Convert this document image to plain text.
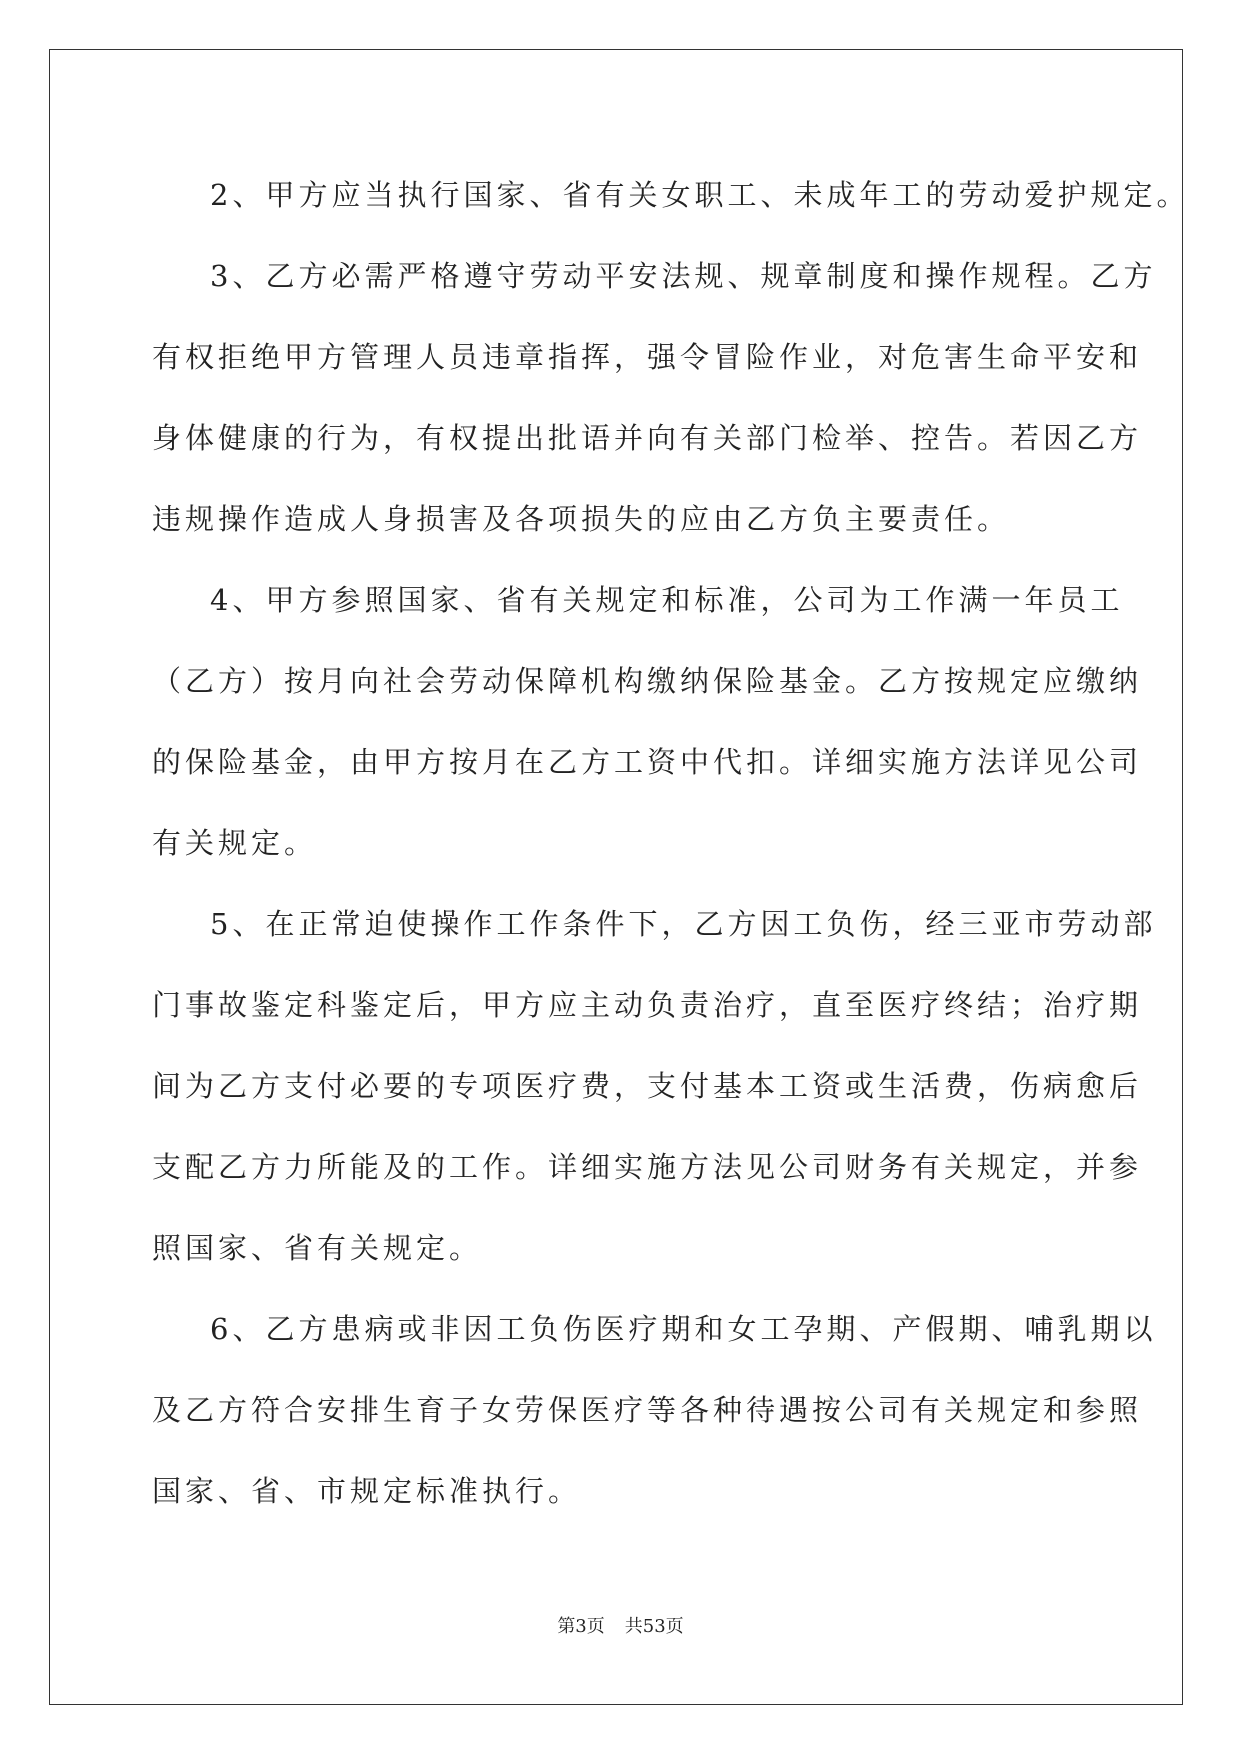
2、甲方应当执行国家、省有关女职工、未成年工的劳动爱护规定。
3、乙方必需严格遵守劳动平安法规、规章制度和操作规程。乙方
有权拒绝甲方管理人员违章指挥，强令冒险作业，对危害生命平安和
身体健康的行为，有权提出批语并向有关部门检举、控告。若因乙方
违规操作造成人身损害及各项损失的应由乙方负主要责任。
4、甲方参照国家、省有关规定和标准，公司为工作满一年员工
（乙方）按月向社会劳动保障机构缴纳保险基金。乙方按规定应缴纳
的保险基金，由甲方按月在乙方工资中代扣。详细实施方法详见公司
有关规定。
5、在正常迫使操作工作条件下，乙方因工负伤，经三亚市劳动部
门事故鉴定科鉴定后，甲方应主动负责治疗，直至医疗终结；治疗期
间为乙方支付必要的专项医疗费，支付基本工资或生活费，伤病愈后
支配乙方力所能及的工作。详细实施方法见公司财务有关规定，并参
照国家、省有关规定。
6、乙方患病或非因工负伤医疗期和女工孕期、产假期、哺乳期以
及乙方符合安排生育子女劳保医疗等各种待遇按公司有关规定和参照
国家、省、市规定标准执行。
第3页 共53页
